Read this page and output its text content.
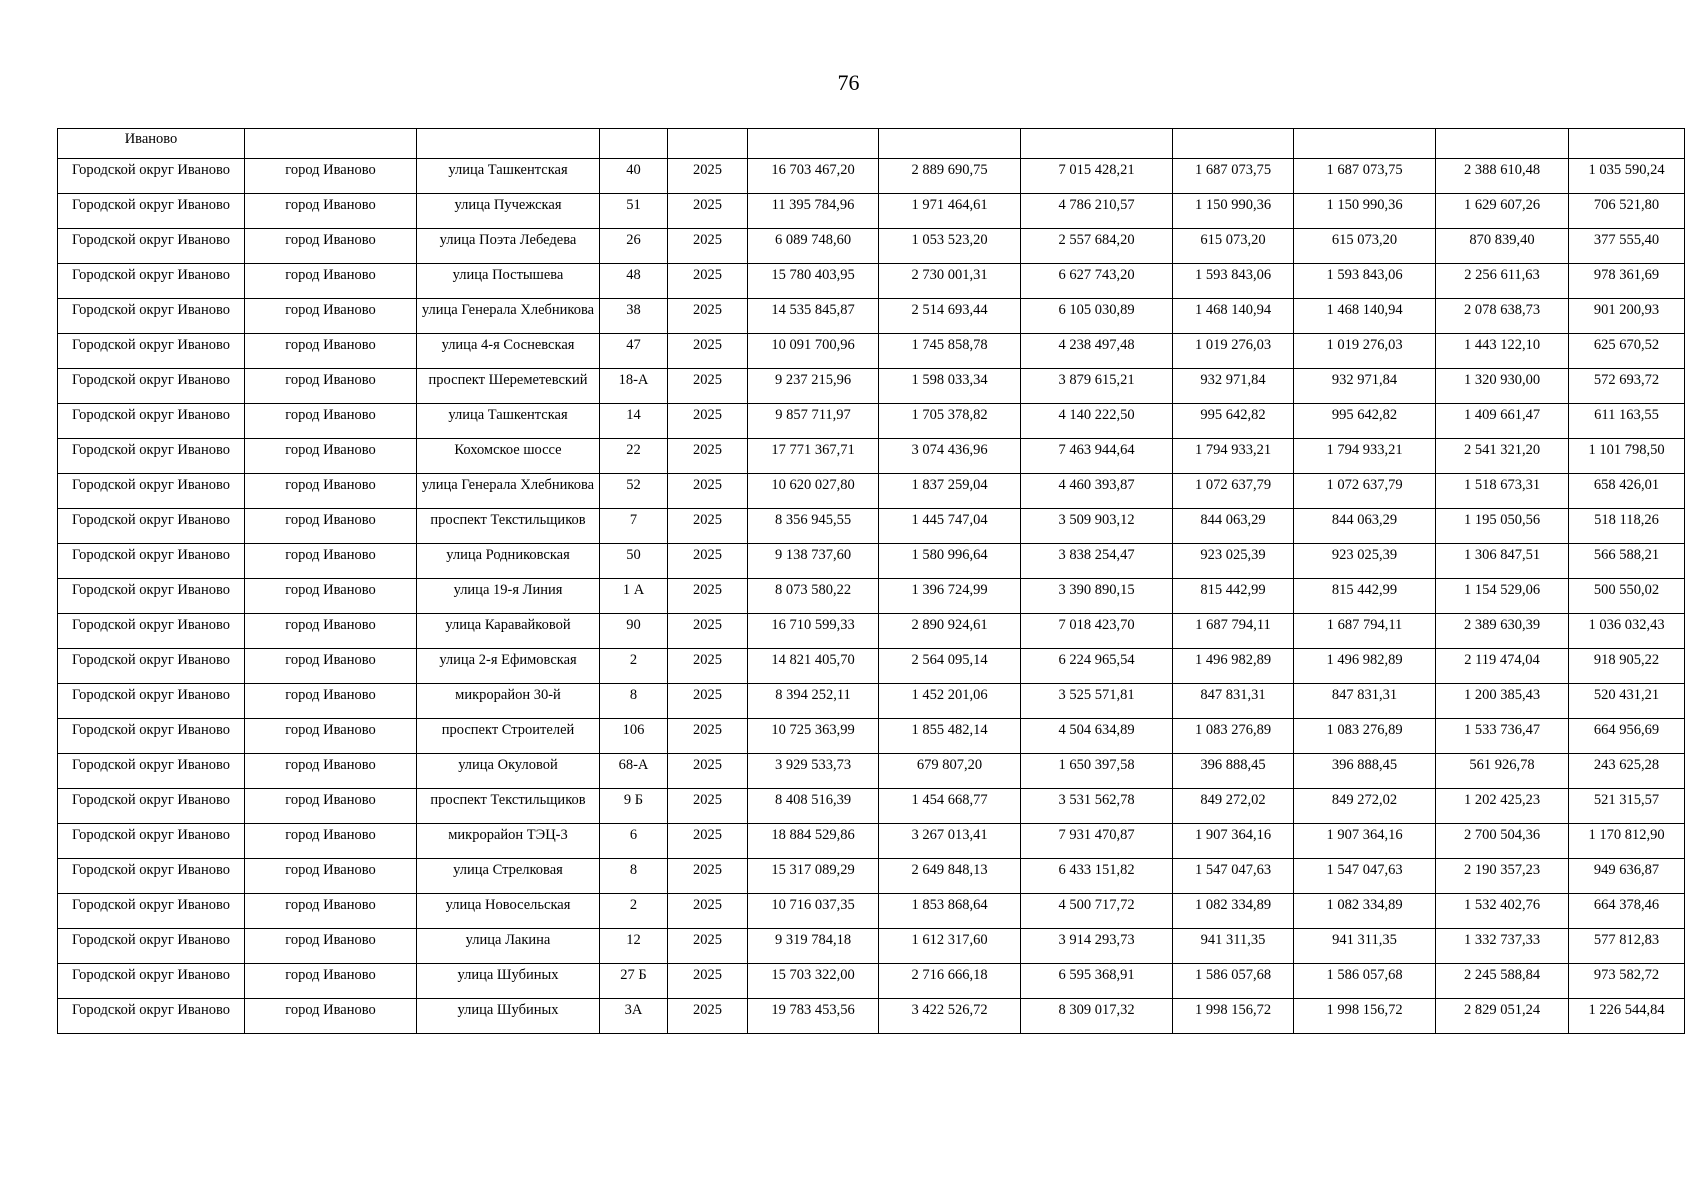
76
Иваново											
Городской округ Иваново	город Иваново	улица Ташкентская	40	2025	16 703 467,20	2 889 690,75	7 015 428,21	1 687 073,75	1 687 073,75	2 388 610,48	1 035 590,24
Городской округ Иваново	город Иваново	улица Пучежская	51	2025	11 395 784,96	1 971 464,61	4 786 210,57	1 150 990,36	1 150 990,36	1 629 607,26	706 521,80
Городской округ Иваново	город Иваново	улица Поэта Лебедева	26	2025	6 089 748,60	1 053 523,20	2 557 684,20	615 073,20	615 073,20	870 839,40	377 555,40
Городской округ Иваново	город Иваново	улица Постышева	48	2025	15 780 403,95	2 730 001,31	6 627 743,20	1 593 843,06	1 593 843,06	2 256 611,63	978 361,69
Городской округ Иваново	город Иваново	улица Генерала Хлебникова	38	2025	14 535 845,87	2 514 693,44	6 105 030,89	1 468 140,94	1 468 140,94	2 078 638,73	901 200,93
Городской округ Иваново	город Иваново	улица 4-я Сосневская	47	2025	10 091 700,96	1 745 858,78	4 238 497,48	1 019 276,03	1 019 276,03	1 443 122,10	625 670,52
Городской округ Иваново	город Иваново	проспект Шереметевский	18-А	2025	9 237 215,96	1 598 033,34	3 879 615,21	932 971,84	932 971,84	1 320 930,00	572 693,72
Городской округ Иваново	город Иваново	улица Ташкентская	14	2025	9 857 711,97	1 705 378,82	4 140 222,50	995 642,82	995 642,82	1 409 661,47	611 163,55
Городской округ Иваново	город Иваново	Кохомское шоссе	22	2025	17 771 367,71	3 074 436,96	7 463 944,64	1 794 933,21	1 794 933,21	2 541 321,20	1 101 798,50
Городской округ Иваново	город Иваново	улица Генерала Хлебникова	52	2025	10 620 027,80	1 837 259,04	4 460 393,87	1 072 637,79	1 072 637,79	1 518 673,31	658 426,01
Городской округ Иваново	город Иваново	проспект Текстильщиков	7	2025	8 356 945,55	1 445 747,04	3 509 903,12	844 063,29	844 063,29	1 195 050,56	518 118,26
Городской округ Иваново	город Иваново	улица Родниковская	50	2025	9 138 737,60	1 580 996,64	3 838 254,47	923 025,39	923 025,39	1 306 847,51	566 588,21
Городской округ Иваново	город Иваново	улица 19-я Линия	1 А	2025	8 073 580,22	1 396 724,99	3 390 890,15	815 442,99	815 442,99	1 154 529,06	500 550,02
Городской округ Иваново	город Иваново	улица Каравайковой	90	2025	16 710 599,33	2 890 924,61	7 018 423,70	1 687 794,11	1 687 794,11	2 389 630,39	1 036 032,43
Городской округ Иваново	город Иваново	улица 2-я Ефимовская	2	2025	14 821 405,70	2 564 095,14	6 224 965,54	1 496 982,89	1 496 982,89	2 119 474,04	918 905,22
Городской округ Иваново	город Иваново	микрорайон 30-й	8	2025	8 394 252,11	1 452 201,06	3 525 571,81	847 831,31	847 831,31	1 200 385,43	520 431,21
Городской округ Иваново	город Иваново	проспект Строителей	106	2025	10 725 363,99	1 855 482,14	4 504 634,89	1 083 276,89	1 083 276,89	1 533 736,47	664 956,69
Городской округ Иваново	город Иваново	улица Окуловой	68-А	2025	3 929 533,73	679 807,20	1 650 397,58	396 888,45	396 888,45	561 926,78	243 625,28
Городской округ Иваново	город Иваново	проспект Текстильщиков	9 Б	2025	8 408 516,39	1 454 668,77	3 531 562,78	849 272,02	849 272,02	1 202 425,23	521 315,57
Городской округ Иваново	город Иваново	микрорайон ТЭЦ-3	6	2025	18 884 529,86	3 267 013,41	7 931 470,87	1 907 364,16	1 907 364,16	2 700 504,36	1 170 812,90
Городской округ Иваново	город Иваново	улица Стрелковая	8	2025	15 317 089,29	2 649 848,13	6 433 151,82	1 547 047,63	1 547 047,63	2 190 357,23	949 636,87
Городской округ Иваново	город Иваново	улица Новосельская	2	2025	10 716 037,35	1 853 868,64	4 500 717,72	1 082 334,89	1 082 334,89	1 532 402,76	664 378,46
Городской округ Иваново	город Иваново	улица Лакина	12	2025	9 319 784,18	1 612 317,60	3 914 293,73	941 311,35	941 311,35	1 332 737,33	577 812,83
Городской округ Иваново	город Иваново	улица Шубиных	27 Б	2025	15 703 322,00	2 716 666,18	6 595 368,91	1 586 057,68	1 586 057,68	2 245 588,84	973 582,72
Городской округ Иваново	город Иваново	улица Шубиных	3А	2025	19 783 453,56	3 422 526,72	8 309 017,32	1 998 156,72	1 998 156,72	2 829 051,24	1 226 544,84
